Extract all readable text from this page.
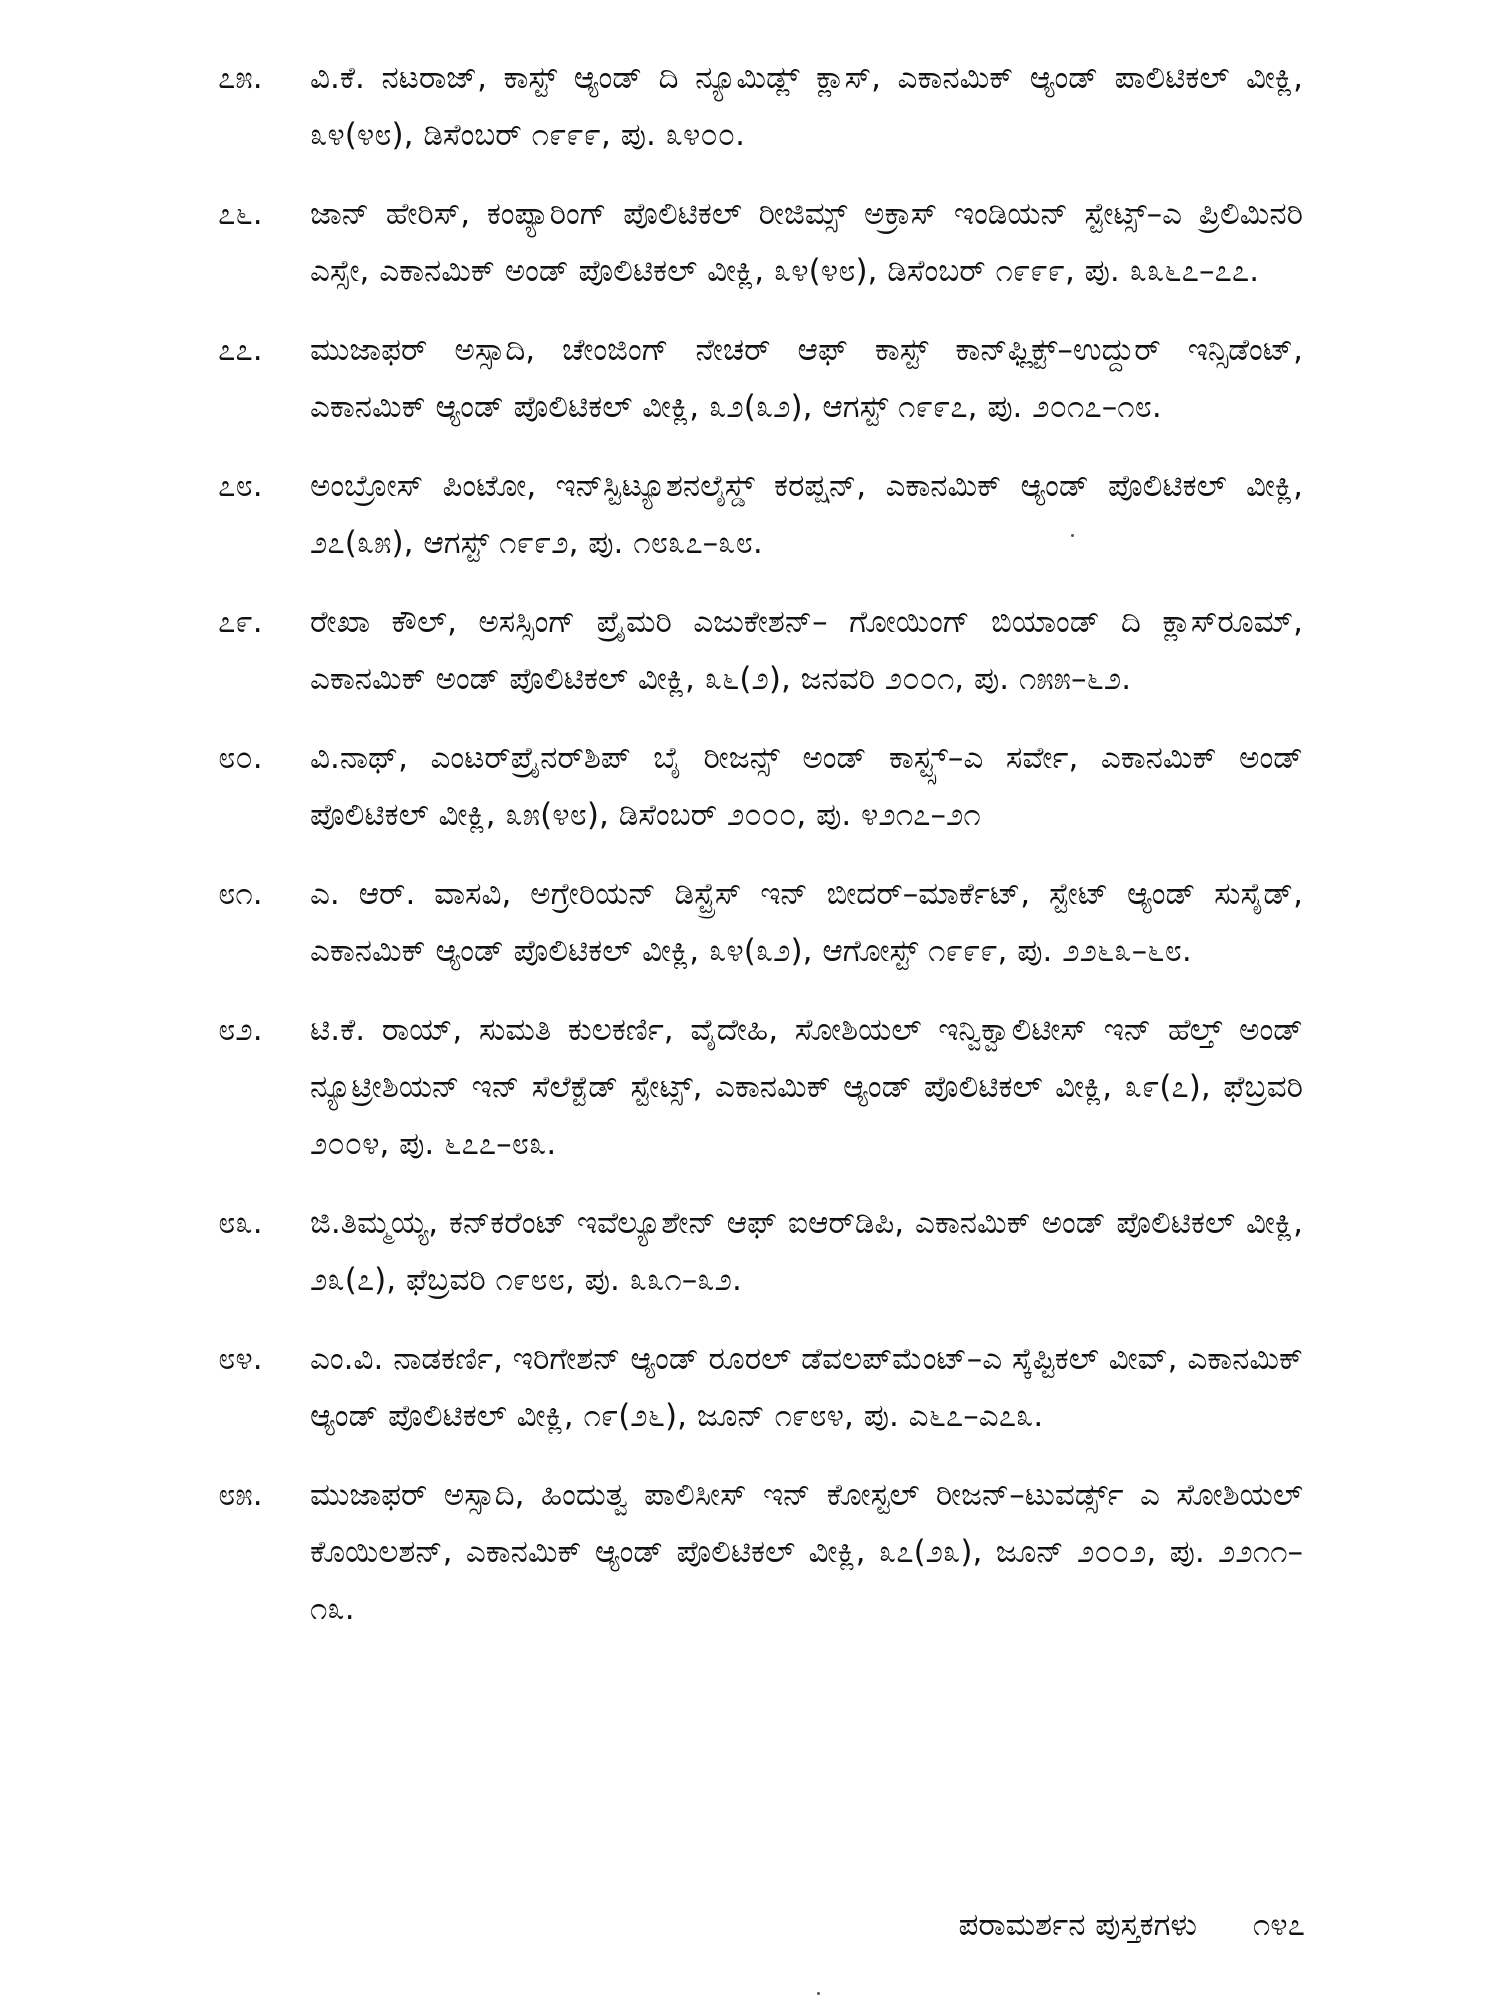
೭೫.	ವಿ.ಕೆ. ನಟರಾಜ್, ಕಾಸ್ಟ್ ಆ್ಯಂಡ್ ದಿ ನ್ಯೂಮಿಡ್ಲ್ ಕ್ಲಾಸ್, ಎಕಾನಮಿಕ್ ಆ್ಯಂಡ್ ಪಾಲಿಟಿಕಲ್ ವೀಕ್ಲಿ, ೩೪(೪೮), ಡಿಸೆಂಬರ್ ೧೯೯೯, ಪು. ೩೪೦೦.
೭೬.	ಜಾನ್ ಹೇರಿಸ್, ಕಂಪ್ಯಾರಿಂಗ್ ಪೊಲಿಟಿಕಲ್ ರೀಜಿಮ್ಸ್ ಅಕ್ರಾಸ್ ಇಂಡಿಯನ್ ಸ್ಟೇಟ್ಸ್–ಎ ಪ್ರಿಲಿಮಿನರಿ ಎಸ್ಸೇ, ಎಕಾನಮಿಕ್ ಅಂಡ್ ಪೊಲಿಟಿಕಲ್ ವೀಕ್ಲಿ, ೩೪(೪೮), ಡಿಸೆಂಬರ್ ೧೯೯೯, ಪು. ೩೩೬೭–೭೭.
೭೭.	ಮುಜಾಫರ್ ಅಸ್ಸಾದಿ, ಚೇಂಜಿಂಗ್ ನೇಚರ್ ಆಫ್ ಕಾಸ್ಟ್ ಕಾನ್‌ಫ್ಲಿಕ್ಟ್–ಉದ್ದುರ್ ಇನ್ಸಿಡೆಂಟ್, ಎಕಾನಮಿಕ್ ಆ್ಯಂಡ್ ಪೊಲಿಟಿಕಲ್ ವೀಕ್ಲಿ, ೩೨(೩೨), ಆಗಸ್ಟ್ ೧೯೯೭, ಪು. ೨೦೧೭–೧೮.
೭೮.	ಅಂಬ್ರೋಸ್ ಪಿಂಟೋ, ಇನ್‌ಸ್ಟಿಟ್ಯೂಶನಲೈಸ್ಡ್ ಕರಪ್ಷನ್, ಎಕಾನಮಿಕ್ ಆ್ಯಂಡ್ ಪೊಲಿಟಿಕಲ್ ವೀಕ್ಲಿ, ೨೭(೩೫), ಆಗಸ್ಟ್ ೧೯೯೨, ಪು. ೧೮೩೭–೩೮.
೭೯.	ರೇಖಾ ಕೌಲ್, ಅಸಸ್ಸಿಂಗ್ ಪ್ರೈಮರಿ ಎಜುಕೇಶನ್– ಗೋಯಿಂಗ್ ಬಿಯಾಂಡ್ ದಿ ಕ್ಲಾಸ್‌ರೂಮ್, ಎಕಾನಮಿಕ್ ಅಂಡ್ ಪೊಲಿಟಿಕಲ್ ವೀಕ್ಲಿ, ೩೬(೨), ಜನವರಿ ೨೦೦೧, ಪು. ೧೫೫–೬೨.
೮೦.	ವಿ.ನಾಥ್, ಎಂಟರ್‌ಪ್ರೈನರ್‌ಶಿಪ್ ಬೈ ರೀಜನ್ಸ್ ಅಂಡ್ ಕಾಸ್ಟ್ಸ್–ಎ ಸರ್ವೇ, ಎಕಾನಮಿಕ್ ಅಂಡ್ ಪೊಲಿಟಿಕಲ್ ವೀಕ್ಲಿ, ೩೫(೪೮), ಡಿಸೆಂಬರ್ ೨೦೦೦, ಪು. ೪೨೧೭–೨೧
೮೧.	ಎ. ಆರ್. ವಾಸವಿ, ಅಗ್ರೇರಿಯನ್ ಡಿಸ್ಟ್ರೆಸ್ ಇನ್ ಬೀದರ್–ಮಾರ್ಕೆಟ್, ಸ್ಟೇಟ್ ಆ್ಯಂಡ್ ಸುಸೈಡ್, ಎಕಾನಮಿಕ್ ಆ್ಯಂಡ್ ಪೊಲಿಟಿಕಲ್ ವೀಕ್ಲಿ, ೩೪(೩೨), ಆಗೋಸ್ಟ್ ೧೯೯೯, ಪು. ೨೨೬೩–೬೮.
೮೨.	ಟಿ.ಕೆ. ರಾಯ್, ಸುಮತಿ ಕುಲಕರ್ಣಿ, ವೈದೇಹಿ, ಸೋಶಿಯಲ್ ಇನ್ವಿಕ್ವಾಲಿಟೀಸ್ ಇನ್ ಹೆಲ್ತ್ ಅಂಡ್ ನ್ಯೂಟ್ರೀಶಿಯನ್ ಇನ್ ಸೆಲೆಕ್ಟೆಡ್ ಸ್ಟೇಟ್ಸ್, ಎಕಾನಮಿಕ್ ಆ್ಯಂಡ್ ಪೊಲಿಟಿಕಲ್ ವೀಕ್ಲಿ, ೩೯(೭), ಫೆಬ್ರವರಿ ೨೦೦೪, ಪು. ೬೭೭–೮೩.
೮೩.	ಜಿ.ತಿಮ್ಮಯ್ಯ, ಕನ್‌ಕರೆಂಟ್ ಇವೆಲ್ಯೂಶೇನ್ ಆಫ್ ಐಆರ್‌ಡಿಪಿ, ಎಕಾನಮಿಕ್ ಅಂಡ್ ಪೊಲಿಟಿಕಲ್ ವೀಕ್ಲಿ, ೨೩(೭), ಫೆಬ್ರವರಿ ೧೯೮೮, ಪು. ೩೩೧–೩೨.
೮೪.	ಎಂ.ವಿ. ನಾಡಕರ್ಣಿ, ಇರಿಗೇಶನ್ ಆ್ಯಂಡ್ ರೂರಲ್ ಡೆವಲಪ್‌ಮೆಂಟ್–ಎ ಸ್ಕೆಪ್ಟಿಕಲ್ ವೀವ್, ಎಕಾನಮಿಕ್ ಆ್ಯಂಡ್ ಪೊಲಿಟಿಕಲ್ ವೀಕ್ಲಿ, ೧೯(೨೬), ಜೂನ್ ೧೯೮೪, ಪು. ಎ೬೭–ಎ೭೩.
೮೫.	ಮುಜಾಫರ್ ಅಸ್ಸಾದಿ, ಹಿಂದುತ್ವ ಪಾಲಿಸೀಸ್ ಇನ್ ಕೋಸ್ಟಲ್ ರೀಜನ್–ಟುವರ್ಡ್ಸ್ ಎ ಸೋಶಿಯಲ್ ಕೊಯಿಲಶನ್, ಎಕಾನಮಿಕ್ ಆ್ಯಂಡ್ ಪೊಲಿಟಿಕಲ್ ವೀಕ್ಲಿ, ೩೭(೨೩), ಜೂನ್ ೨೦೦೨, ಪು. ೨೨೧೧–೧೩.
ಪರಾಮರ್ಶನ ಪುಸ್ತಕಗಳು ೧೪೭
